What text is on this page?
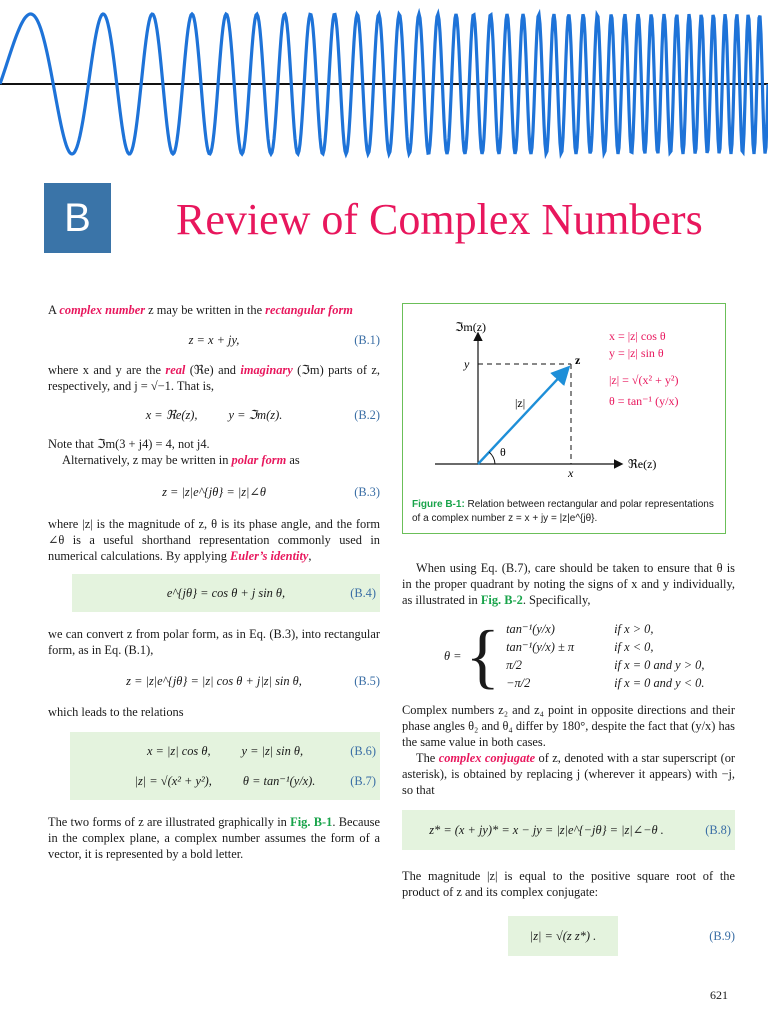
B	Review of Complex Numbers

A complex number z may be written in the rectangular form

z = x + jy,	(B.1)

where x and y are the real (ℜe) and imaginary (ℑm) parts of z, respectively, and j = √−1. That is,

x = ℜe(z),          y = ℑm(z).	(B.2)

Note that ℑm(3 + j4) = 4, not j4.

Alternatively, z may be written in polar form as

z = |z|e^{jθ} = |z|∠θ	(B.3)

where |z| is the magnitude of z, θ is its phase angle, and the form ∠θ is a useful shorthand representation commonly used in numerical calculations. By applying Euler’s identity,

e^{jθ} = cos θ + j sin θ,	(B.4)

we can convert z from polar form, as in Eq. (B.3), into rectangular form, as in Eq. (B.1),

z = |z|e^{jθ} = |z| cos θ + j|z| sin θ,	(B.5)

which leads to the relations

x = |z| cos θ,          y = |z| sin θ,	(B.6)
|z| = √(x² + y²),          θ = tan⁻¹(y/x).	(B.7)

The two forms of z are illustrated graphically in Fig. B-1. Because in the complex plane, a complex number assumes the form of a vector, it is represented by a bold letter.

ℑm(z)
ℜe(z)
y
x
z
|z|
θ
x = |z| cos θ
y = |z| sin θ
|z| = √(x² + y²)
θ = tan⁻¹ (y/x)
Figure B-1: Relation between rectangular and polar representations of a complex number z = x + jy = |z|e^{jθ}.

When using Eq. (B.7), care should be taken to ensure that θ is in the proper quadrant by noting the signs of x and y individually, as illustrated in Fig. B-2. Specifically,

θ = { tan⁻¹(y/x)	if x > 0,
tan⁻¹(y/x) ± π	if x < 0,
π/2	if x = 0 and y > 0,
−π/2	if x = 0 and y < 0.

Complex numbers z₂ and z₄ point in opposite directions and their phase angles θ₂ and θ₄ differ by 180°, despite the fact that (y/x) has the same value in both cases.

The complex conjugate of z, denoted with a star superscript (or asterisk), is obtained by replacing j (wherever it appears) with −j, so that

z* = (x + jy)* = x − jy = |z|e^{−jθ} = |z|∠−θ .	(B.8)

The magnitude |z| is equal to the positive square root of the product of z and its complex conjugate:

|z| = √(z z*) .	(B.9)
621
